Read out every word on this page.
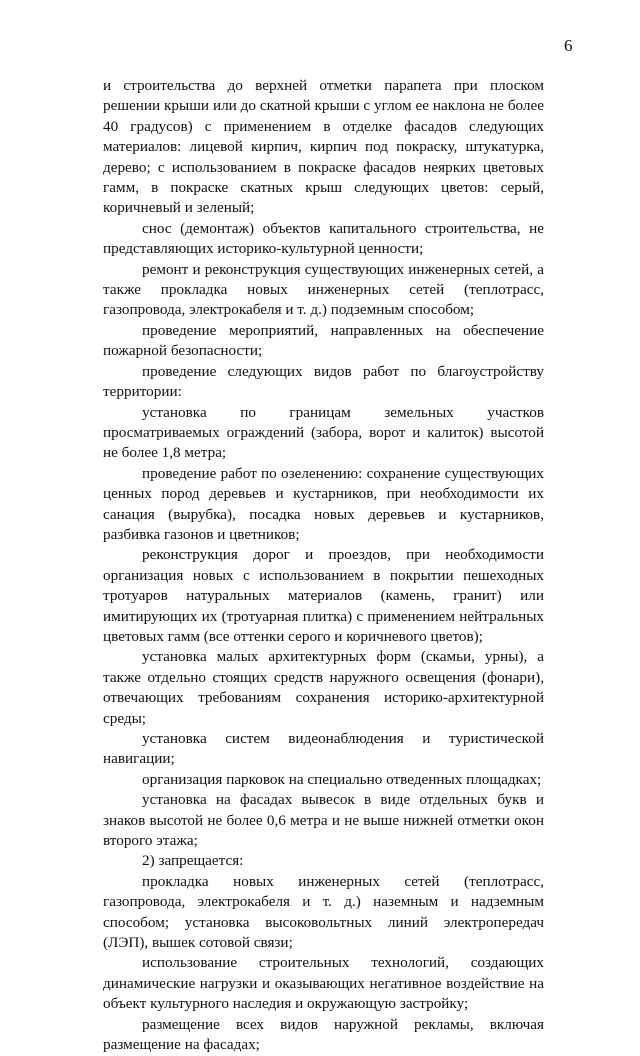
6

и строительства до верхней отметки парапета при плоском решении крыши или до скатной крыши с углом ее наклона не более 40 градусов) с применением в отделке фасадов следующих материалов: лицевой кирпич, кирпич под покраску, штукатурка, дерево; с использованием в покраске фасадов неярких цветовых гамм, в покраске скатных крыш следующих цветов: серый, коричневый и зеленый;

снос (демонтаж) объектов капитального строительства, не представляющих историко-культурной ценности;

ремонт и реконструкция существующих инженерных сетей, а также прокладка новых инженерных сетей (теплотрасс, газопровода, электрокабеля и т. д.) подземным способом;

проведение мероприятий, направленных на обеспечение пожарной безопасности;

проведение следующих видов работ по благоустройству территории:

установка по границам земельных участков просматриваемых ограждений (забора, ворот и калиток) высотой не более 1,8 метра;

проведение работ по озеленению: сохранение существующих ценных пород деревьев и кустарников, при необходимости их санация (вырубка), посадка новых деревьев и кустарников, разбивка газонов и цветников;

реконструкция дорог и проездов, при необходимости организация новых с использованием в покрытии пешеходных тротуаров натуральных материалов (камень, гранит) или имитирующих их (тротуарная плитка) с применением нейтральных цветовых гамм (все оттенки серого и коричневого цветов);

установка малых архитектурных форм (скамьи, урны), а также отдельно стоящих средств наружного освещения (фонари), отвечающих требованиям сохранения историко-архитектурной среды;

установка систем видеонаблюдения и туристической навигации;

организация парковок на специально отведенных площадках;

установка на фасадах вывесок в виде отдельных букв и знаков высотой не более 0,6 метра и не выше нижней отметки окон второго этажа;

2) запрещается:

прокладка новых инженерных сетей (теплотрасс, газопровода, электрокабеля и т. д.) наземным и надземным способом; установка высоковольтных линий электропередач (ЛЭП), вышек сотовой связи;

использование строительных технологий, создающих динамические нагрузки и оказывающих негативное воздействие на объект культурного наследия и окружающую застройку;

размещение всех видов наружной рекламы, включая размещение на фасадах;
